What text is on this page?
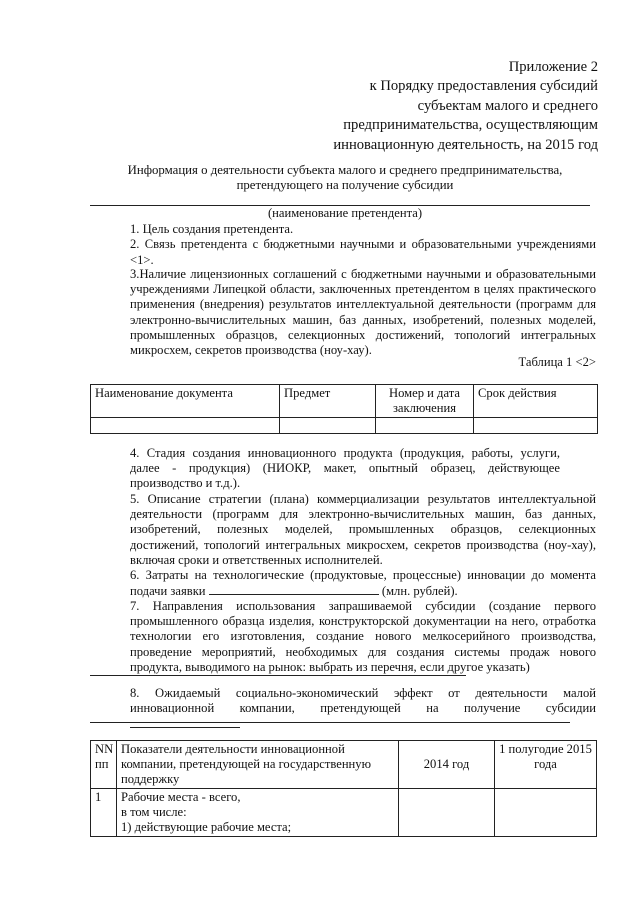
Приложение 2
к Порядку предоставления субсидий
субъектам малого и среднего
предпринимательства, осуществляющим
инновационную деятельность, на 2015 год
Информация о деятельности субъекта малого и среднего предпринимательства,
претендующего на получение субсидии
(наименование претендента)
1. Цель создания претендента.
2. Связь претендента с бюджетными научными и образовательными учреждениями <1>.
3.Наличие лицензионных соглашений с бюджетными научными и образовательными учреждениями Липецкой области, заключенных претендентом в целях практического применения (внедрения) результатов интеллектуальной деятельности (программ для электронно-вычислительных машин, баз данных, изобретений, полезных моделей, промышленных образцов, селекционных достижений, топологий интегральных микросхем, секретов производства (ноу-хау).
Таблица 1 <2>
Наименование документа	Предмет	Номер и дата заключения	Срок действия

4. Стадия создания инновационного продукта (продукция, работы, услуги, далее - продукция) (НИОКР, макет, опытный образец, действующее производство и т.д.).
5. Описание стратегии (плана) коммерциализации результатов интеллектуальной деятельности (программ для электронно-вычислительных машин, баз данных, изобретений, полезных моделей, промышленных образцов, селекционных достижений, топологий интегральных микросхем, секретов производства (ноу-хау), включая сроки и ответственных исполнителей.
6. Затраты на технологические (продуктовые, процессные) инновации до момента подачи заявки	(млн. рублей).
7. Направления использования запрашиваемой субсидии (создание первого промышленного образца изделия, конструкторской документации на него, отработка технологии его изготовления, создание нового мелкосерийного производства, проведение мероприятий, необходимых для создания системы продаж нового продукта, выводимого на рынок: выбрать из перечня, если другое указать)
8. Ожидаемый социально-экономический эффект от деятельности малой инновационной компании, претендующей на получение субсидии
NN пп	Показатели деятельности инновационной компании, претендующей на государственную поддержку	2014 год	1 полугодие 2015 года
1	Рабочие места - всего,
в том числе:
1) действующие рабочие места;		
